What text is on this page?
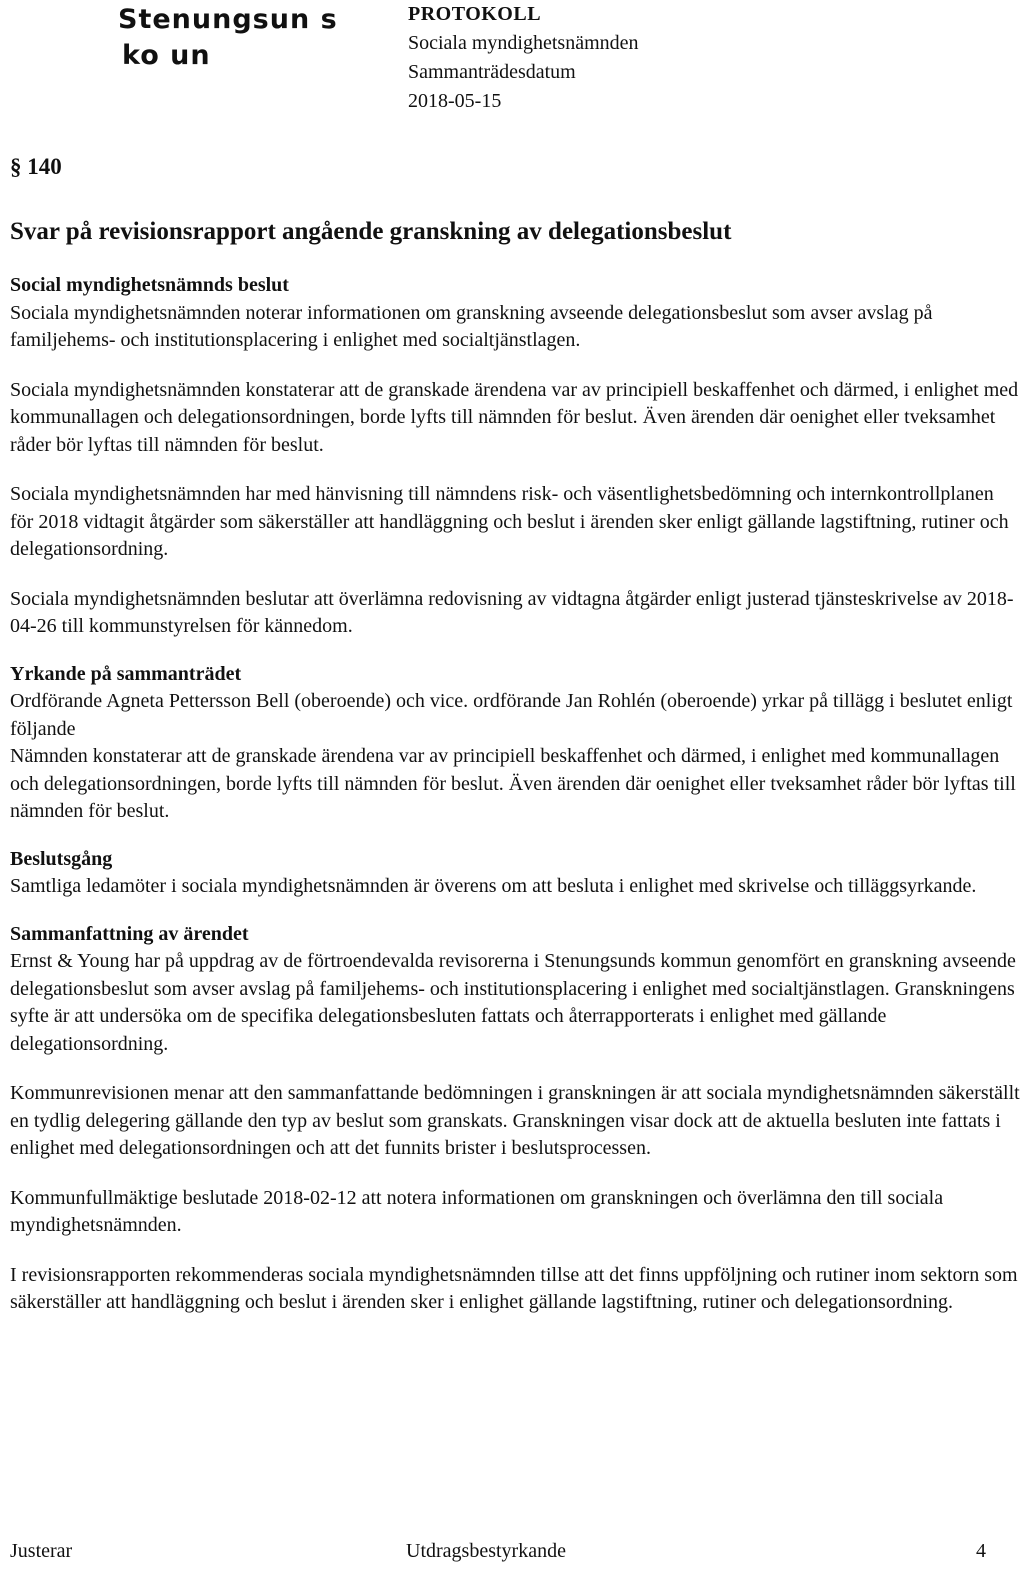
Stenungsun s
ko un
PROTOKOLL
Sociala myndighetsnämnden
Sammanträdesdatum
2018-05-15
§ 140
Svar på revisionsrapport angående granskning av delegationsbeslut
Social myndighetsnämnds beslut

Sociala myndighetsnämnden noterar informationen om granskning avseende delegationsbeslut som avser avslag på familjehems- och institutionsplacering i enlighet med socialtjänstlagen.

Sociala myndighetsnämnden konstaterar att de granskade ärendena var av principiell beskaffenhet och därmed, i enlighet med kommunallagen och delegationsordningen, borde lyfts till nämnden för beslut. Även ärenden där oenighet eller tveksamhet råder bör lyftas till nämnden för beslut.

Sociala myndighetsnämnden har med hänvisning till nämndens risk- och väsentlighetsbedömning och internkontrollplanen för 2018 vidtagit åtgärder som säkerställer att handläggning och beslut i ärenden sker enligt gällande lagstiftning, rutiner och delegationsordning.

Sociala myndighetsnämnden beslutar att överlämna redovisning av vidtagna åtgärder enligt justerad tjänsteskrivelse av 2018-04-26 till kommunstyrelsen för kännedom.

Yrkande på sammanträdet

Ordförande Agneta Pettersson Bell (oberoende) och vice. ordförande Jan Rohlén (oberoende) yrkar på tillägg i beslutet enligt följande

Nämnden konstaterar att de granskade ärendena var av principiell beskaffenhet och därmed, i enlighet med kommunallagen och delegationsordningen, borde lyfts till nämnden för beslut. Även ärenden där oenighet eller tveksamhet råder bör lyftas till nämnden för beslut.

Beslutsgång

Samtliga ledamöter i sociala myndighetsnämnden är överens om att besluta i enlighet med skrivelse och tilläggsyrkande.

Sammanfattning av ärendet

Ernst & Young har på uppdrag av de förtroendevalda revisorerna i Stenungsunds kommun genomfört en granskning avseende delegationsbeslut som avser avslag på familjehems- och institutionsplacering i enlighet med socialtjänstlagen. Granskningens syfte är att undersöka om de specifika delegationsbesluten fattats och återrapporterats i enlighet med gällande delegationsordning.

Kommunrevisionen menar att den sammanfattande bedömningen i granskningen är att sociala myndighetsnämnden säkerställt en tydlig delegering gällande den typ av beslut som granskats. Granskningen visar dock att de aktuella besluten inte fattats i enlighet med delegationsordningen och att det funnits brister i beslutsprocessen.

Kommunfullmäktige beslutade 2018-02-12 att notera informationen om granskningen och överlämna den till sociala myndighetsnämnden.

I revisionsrapporten rekommenderas sociala myndighetsnämnden tillse att det finns uppföljning och rutiner inom sektorn som säkerställer att handläggning och beslut i ärenden sker i enlighet gällande lagstiftning, rutiner och delegationsordning.

Justerar	Utdragsbestyrkande	4
